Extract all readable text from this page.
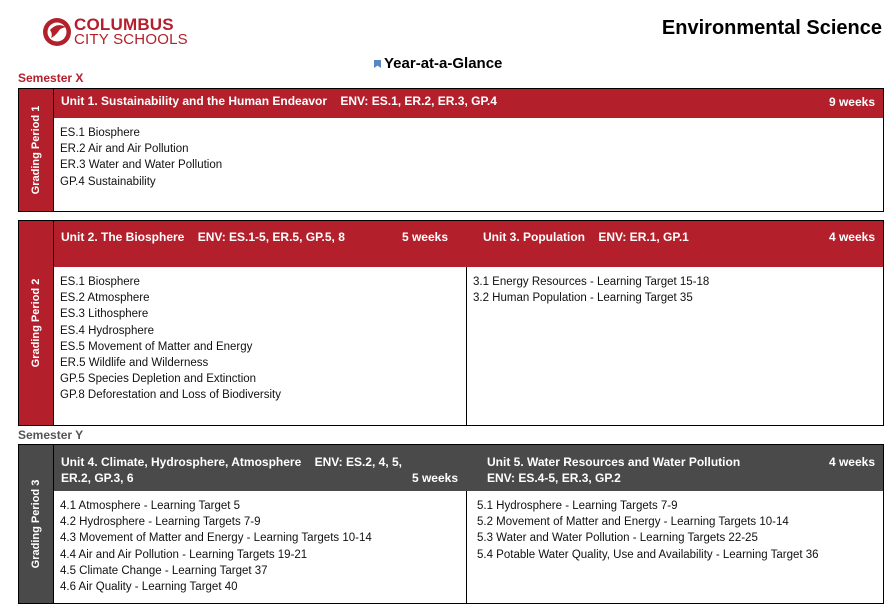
COLUMBUS
CITY SCHOOLS
Environmental Science
Year-at-a-Glance
Semester X
Grading Period 1
Unit 1. Sustainability and the Human Endeavor ENV: ES.1, ER.2, ER.3, GP.4	9 weeks
ES.1 Biosphere
ER.2 Air and Air Pollution
ER.3 Water and Water Pollution
GP.4 Sustainability
Grading Period 2
Unit 2. The Biosphere ENV: ES.1-5, ER.5, GP.5, 8	5 weeks	Unit 3. Population ENV: ER.1, GP.1	4 weeks
ES.1 Biosphere
ES.2 Atmosphere
ES.3 Lithosphere
ES.4 Hydrosphere
ES.5 Movement of Matter and Energy
ER.5 Wildlife and Wilderness
GP.5 Species Depletion and Extinction
GP.8 Deforestation and Loss of Biodiversity
3.1 Energy Resources - Learning Target 15-18
3.2 Human Population - Learning Target 35
Semester Y
Grading Period 3
Unit 4. Climate, Hydrosphere, Atmosphere ENV: ES.2, 4, 5,
ER.2, GP.3, 6	5 weeks
Unit 5. Water Resources and Water Pollution
ENV: ES.4-5, ER.3, GP.2
4 weeks
4.1 Atmosphere - Learning Target 5
4.2 Hydrosphere - Learning Targets 7-9
4.3 Movement of Matter and Energy - Learning Targets 10-14
4.4 Air and Air Pollution - Learning Targets 19-21
4.5 Climate Change - Learning Target 37
4.6 Air Quality - Learning Target 40
5.1 Hydrosphere - Learning Targets 7-9
5.2 Movement of Matter and Energy - Learning Targets 10-14
5.3 Water and Water Pollution - Learning Targets 22-25
5.4 Potable Water Quality, Use and Availability - Learning Target 36
